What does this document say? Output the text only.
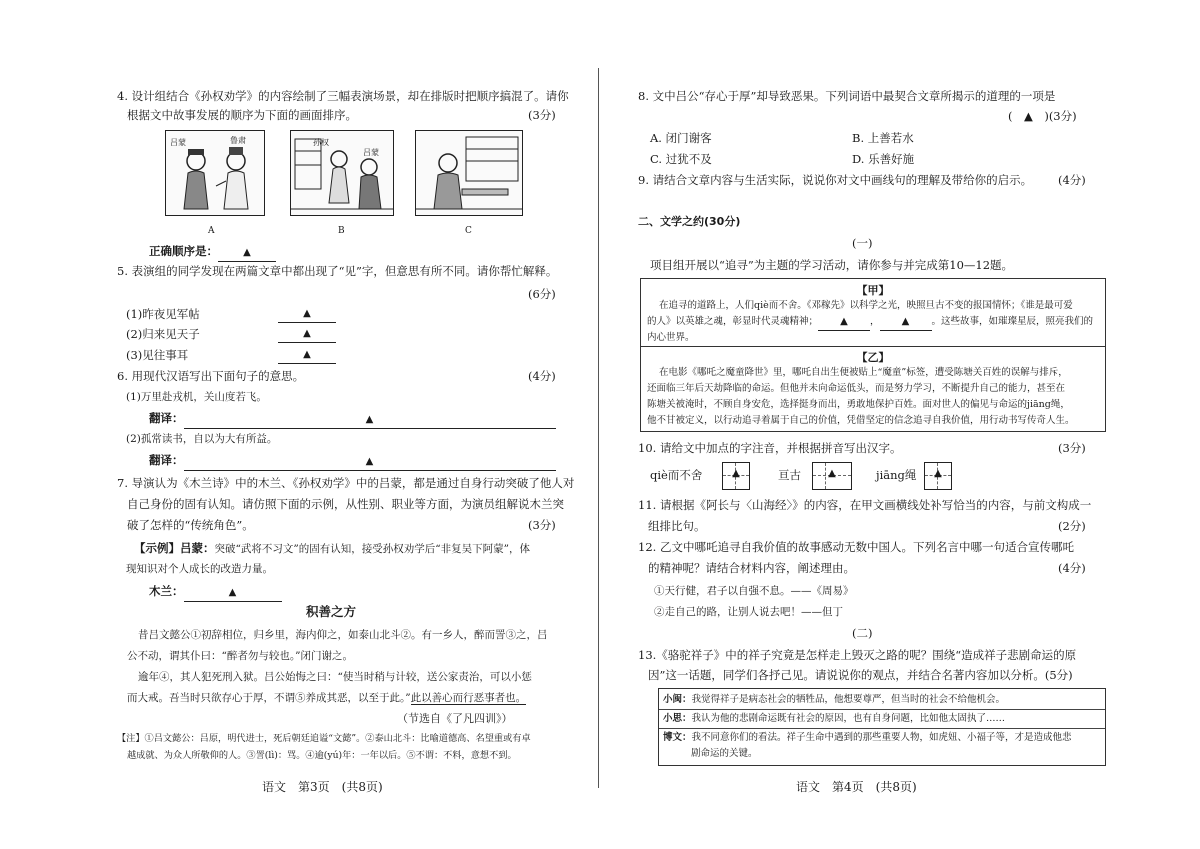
4. 设计组结合《孙权劝学》的内容绘制了三幅表演场景，却在排版时把顺序搞混了。请你
根据文中故事发展的顺序为下面的画面排序。	(3分)
吕蒙	鲁肃
A
孙权
吕蒙
B	C
正确顺序是：	▲
5. 表演组的同学发现在两篇文章中都出现了“见”字，但意思有所不同。请你帮忙解释。
(6分)
(1)昨夜见军帖	▲
(2)归来见天子	▲
(3)见往事耳	▲
6. 用现代汉语写出下面句子的意思。	(4分)
(1)万里赴戎机，关山度若飞。
翻译：	▲
(2)孤常读书，自以为大有所益。
翻译：	▲
7. 导演认为《木兰诗》中的木兰、《孙权劝学》中的吕蒙，都是通过自身行动突破了他人对
自己身份的固有认知。请仿照下面的示例，从性别、职业等方面，为演员组解说木兰突
破了怎样的“传统角色”。	(3分)
【示例】吕蒙：突破“武将不习文”的固有认知，接受孙权劝学后“非复吴下阿蒙”，体
现知识对个人成长的改造力量。
木兰：	▲
积善之方
昔吕文懿公①初辞相位，归乡里，海内仰之，如泰山北斗②。有一乡人，醉而詈③之，吕
公不动，谓其仆曰：“醉者勿与较也。”闭门谢之。
逾年④，其人犯死刑入狱。吕公始悔之曰：“使当时稍与计较，送公家责治，可以小惩
而大戒。吾当时只欲存心于厚，不谓⑤养成其恶，以至于此。”此以善心而行恶事者也。
（节选自《了凡四训》）
【注】①吕文懿公：吕原，明代进士，死后朝廷追谥“文懿”。②泰山北斗：比喻道德高、名望重或有卓
越成就、为众人所敬仰的人。③詈(lì)：骂。④逾(yú)年：一年以后。⑤不谓：不料，意想不到。
语文　第3页　(共8页)
8. 文中吕公“存心于厚”却导致恶果。下列词语中最契合文章所揭示的道理的一项是
(　▲　)(3分)
A. 闭门谢客	B. 上善若水
C. 过犹不及	D. 乐善好施
9. 请结合文章内容与生活实际，说说你对文中画线句的理解及带给你的启示。 (4分)
二、文学之约(30分)
(一)
项目组开展以“追寻”为主题的学习活动，请你参与并完成第10—12题。
【甲】
在追寻的道路上，人们qiè而不舍。《邓稼先》以科学之光，映照旦古不变的报国情怀；《谁是最可爱
的人》以英雄之魂，彰显时代灵魂精神； ▲ ， ▲ 。这些故事，如璀璨星辰，照亮我们的
内心世界。
【乙】
在电影《哪吒之魔童降世》里，哪吒自出生便被贴上“魔童”标签，遭受陈塘关百姓的误解与排斥，
还面临三年后天劫降临的命运。但他并未向命运低头，而是努力学习，不断提升自己的能力，甚至在
陈塘关被淹时，不顾自身安危，选择挺身而出，勇敢地保护百姓。面对世人的偏见与命运的jiāng绳，
他不甘被定义，以行动追寻着属于自己的价值，凭借坚定的信念追寻自我价值，用行动书写传奇人生。
10. 请给文中加点的字注音，并根据拼音写出汉字。	(3分)
qiè而不舍	▲	亘古	▲	jiāng绳	▲
11. 请根据《阿长与〈山海经〉》的内容，在甲文画横线处补写恰当的内容，与前文构成一
组排比句。	(2分)
12. 乙文中哪吒追寻自我价值的故事感动无数中国人。下列名言中哪一句适合宣传哪吒
的精神呢？请结合材料内容，阐述理由。	(4分)
①天行健，君子以自强不息。——《周易》
②走自己的路，让别人说去吧！——但丁
(二)
13.《骆驼祥子》中的祥子究竟是怎样走上毁灭之路的呢？围绕“造成祥子悲剧命运的原
因”这一话题，同学们各抒己见。请说说你的观点，并结合名著内容加以分析。(5分)
小闽：我觉得祥子是病态社会的牺牲品，他想要尊严，但当时的社会不给他机会。
小思：我认为他的悲剧命运既有社会的原因，也有自身问题，比如他太固执了……
博文：我不同意你们的看法。祥子生命中遇到的那些重要人物，如虎妞、小福子等，才是造成他悲
剧命运的关键。
语文　第4页　(共8页)
